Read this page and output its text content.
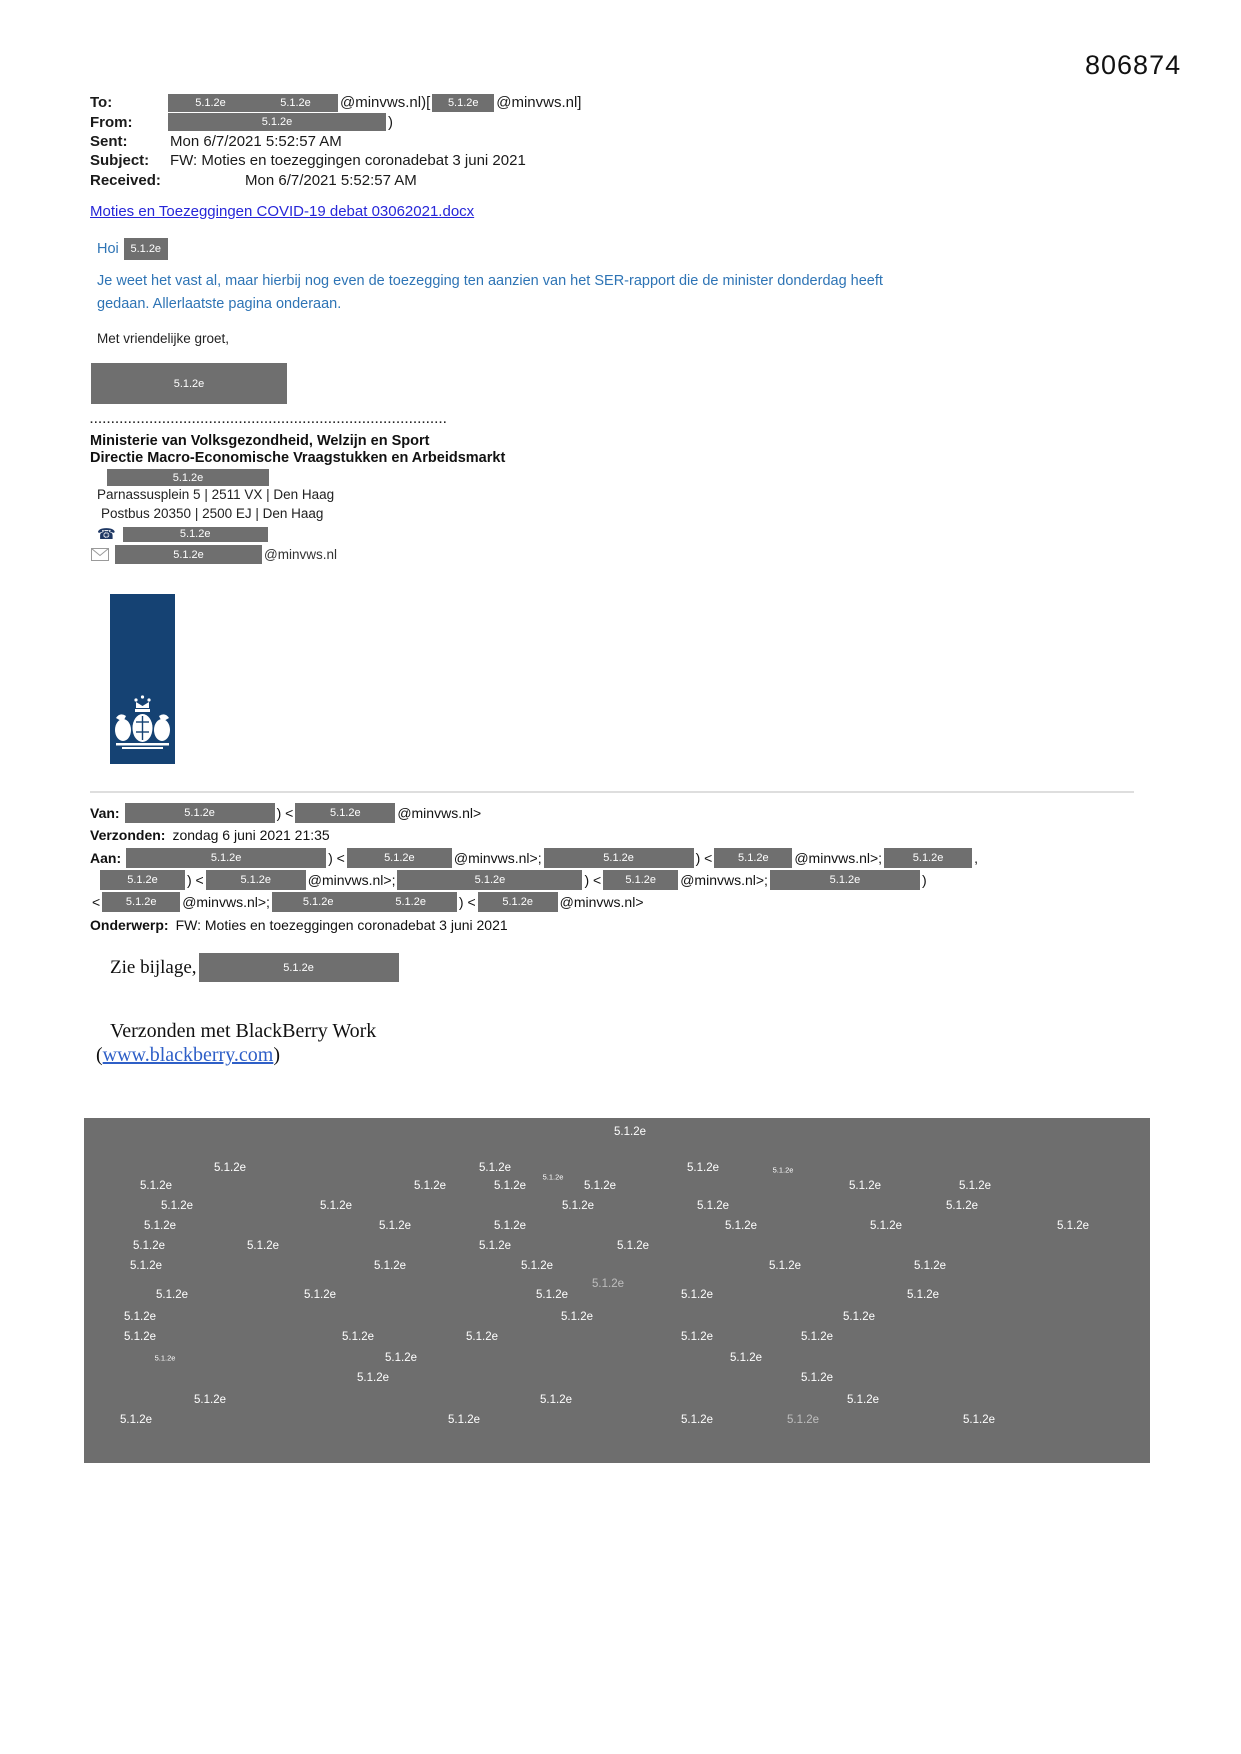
806874
To:	5.1.2e	5.1.2e @minvws.nl)[	5.1.2e @minvws.nl]
From:	5.1.2e	)
Sent:	Mon 6/7/2021 5:52:57 AM
Subject:	FW: Moties en toezeggingen coronadebat 3 juni 2021
Received:	Mon 6/7/2021 5:52:57 AM
Moties en Toezeggingen COVID-19 debat 03062021.docx
Hoi	5.1.2e
Je weet het vast al, maar hierbij nog even de toezegging ten aanzien van het SER-rapport die de minister donderdag heeft
gedaan. Allerlaatste pagina onderaan.
Met vriendelijke groet,
5.1.2e
....................................................................................
Ministerie van Volksgezondheid, Welzijn en Sport
Directie Macro-Economische Vraagstukken en Arbeidsmarkt
5.1.2e
Parnassusplein 5 | 2511 VX | Den Haag
Postbus 20350 | 2500 EJ | Den Haag
☎	5.1.2e
5.1.2e	@minvws.nl
Van:	5.1.2e	) <	5.1.2e	@minvws.nl>
Verzonden: zondag 6 juni 2021 21:35
Aan:	5.1.2e	) <	5.1.2e	@minvws.nl>;	5.1.2e	) <	5.1.2e @minvws.nl>;	5.1.2e ,
5.1.2e ) <	5.1.2e	@minvws.nl>;	5.1.2e	) <	5.1.2e @minvws.nl>;	5.1.2e	)
<	5.1.2e @minvws.nl>;	5.1.2e	5.1.2e ) <	5.1.2e @minvws.nl>
Onderwerp: FW: Moties en toezeggingen coronadebat 3 juni 2021
Zie bijlage,	5.1.2e
Verzonden met BlackBerry Work
(www.blackberry.com)
5.1.2e
5.1.2e	5.1.2e	5.1.2e	5.1.2e
5.1.2e	5.1.2e	5.1.2e
5.1.2e
5.1.2e	5.1.2e	5.1.2e
5.1.2e	5.1.2e	5.1.2e	5.1.2e	5.1.2e
5.1.2e	5.1.2e	5.1.2e	5.1.2e	5.1.2e	5.1.2e
5.1.2e	5.1.2e	5.1.2e	5.1.2e
5.1.2e	5.1.2e	5.1.2e	5.1.2e	5.1.2e
5.1.2e
5.1.2e	5.1.2e	5.1.2e	5.1.2e	5.1.2e
5.1.2e	5.1.2e	5.1.2e
5.1.2e	5.1.2e	5.1.2e	5.1.2e	5.1.2e
5.1.2e	5.1.2e	5.1.2e
5.1.2e	5.1.2e
5.1.2e	5.1.2e	5.1.2e
5.1.2e	5.1.2e	5.1.2e	5.1.2e	5.1.2e
